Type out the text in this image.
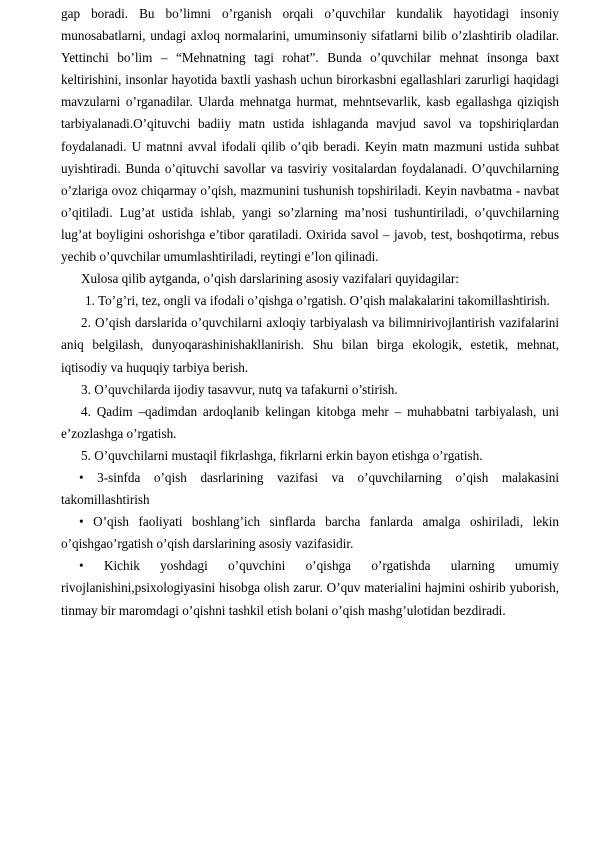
gap boradi. Bu bo’limni o’rganish orqali o’quvchilar kundalik hayotidagi insoniy munosabatlarni, undagi axloq normalarini, umuminsoniy sifatlarni bilib o’zlashtirib oladilar. Yettinchi bo’lim – “Mehnatning tagi rohat”. Bunda o’quvchilar mehnat insonga baxt keltirishini, insonlar hayotida baxtli yashash uchun birorkasbni egallashlari zarurligi haqidagi mavzularni o’rganadilar. Ularda mehnatga hurmat, mehntsevarlik, kasb egallashga qiziqish tarbiyalanadi.O’qituvchi badiiy matn ustida ishlaganda mavjud savol va topshiriqlardan foydalanadi. U matnni avval ifodali qilib o’qib beradi. Keyin matn mazmuni ustida suhbat uyishtiradi. Bunda o’qituvchi savollar va tasviriy vositalardan foydalanadi. O’quvchilarning o’zlariga ovoz chiqarmay o’qish, mazmunini tushunish topshiriladi. Keyin navbatma - navbat o’qitiladi. Lug’at ustida ishlab, yangi so’zlarning ma’nosi tushuntiriladi, o’quvchilarning lug’at boyligini oshorishga e’tibor qaratiladi. Oxirida savol – javob, test, boshqotirma, rebus yechib o’quvchilar umumlashtiriladi, reytingi e’lon qilinadi.

Xulosa qilib aytganda, o’qish darslarining asosiy vazifalari quyidagilar:

1. To’g’ri, tez, ongli va ifodali o’qishga o’rgatish. O’qish malakalarini takomillashtirish.

2. O’qish darslarida o’quvchilarni axloqiy tarbiyalash va bilimnirivojlantirish vazifalarini aniq belgilash, dunyoqarashinishakllanirish. Shu bilan birga ekologik, estetik, mehnat, iqtisodiy va huquqiy tarbiya berish.

3. O’quvchilarda ijodiy tasavvur, nutq va tafakurni o’stirish.

4. Qadim –qadimdan ardoqlanib kelingan kitobga mehr – muhabbatni tarbiyalash, uni e’zozlashga o’rgatish.

5. O’quvchilarni mustaqil fikrlashga, fikrlarni erkin bayon etishga o’rgatish.

• 3-sinfda o’qish dasrlarining vazifasi va o’quvchilarning o’qish malakasini takomillashtirish

• O’qish faoliyati boshlang’ich sinflarda barcha fanlarda amalga oshiriladi, lekin o’qishgao’rgatish o’qish darslarining asosiy vazifasidir.

• Kichik yoshdagi o’quvchini o’qishga o’rgatishda ularning umumiy rivojlanishini,psixologiyasini hisobga olish zarur. O’quv materialini hajmini oshirib yuborish, tinmay bir maromdagi o’qishni tashkil etish bolani o’qish mashg’ulotidan bezdiradi.
